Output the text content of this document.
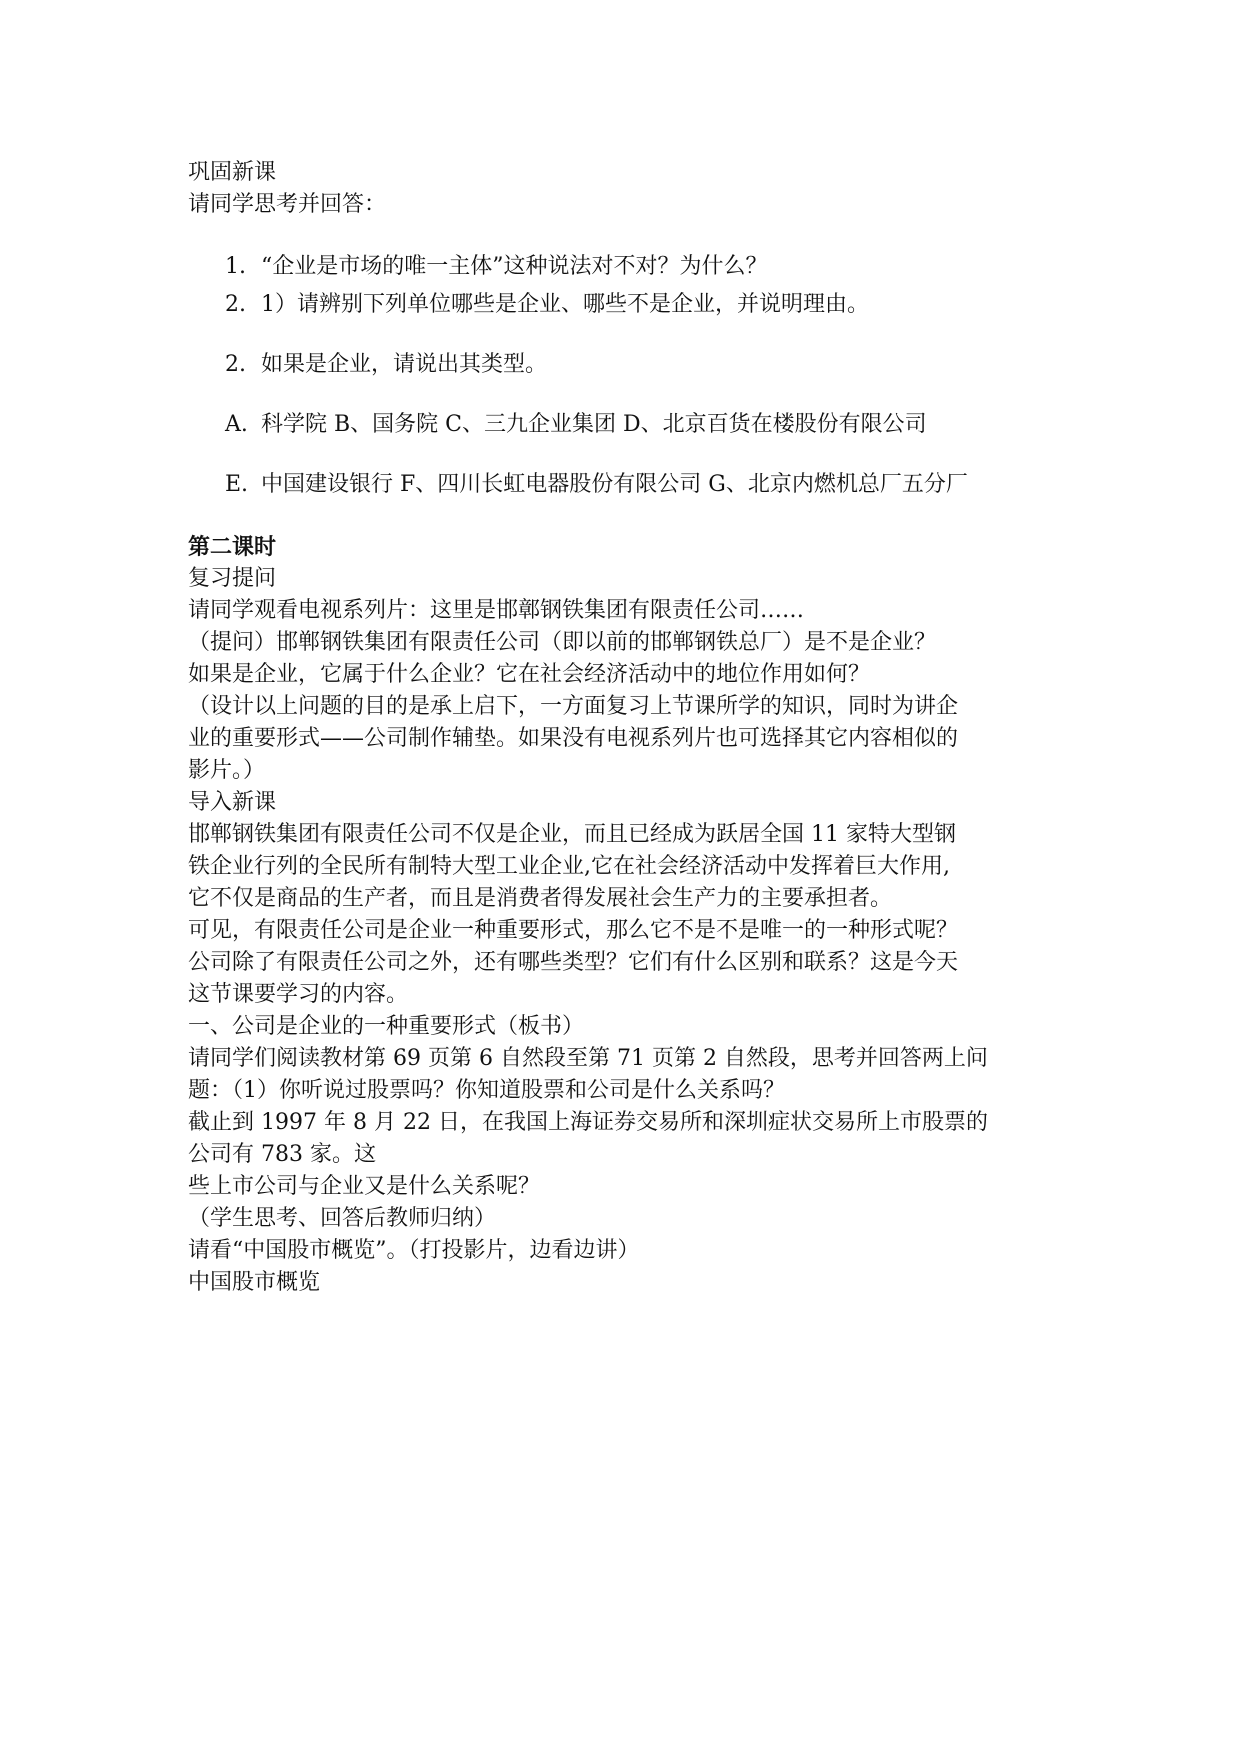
巩固新课
请同学思考并回答：
1. “企业是市场的唯一主体”这种说法对不对？为什么？
2. 1）请辨别下列单位哪些是企业、哪些不是企业，并说明理由。
2. 如果是企业，请说出其类型。
A. 科学院 B、国务院 C、三九企业集团 D、北京百货在楼股份有限公司
E. 中国建设银行 F、四川长虹电器股份有限公司 G、北京内燃机总厂五分厂
第二课时
复习提问
请同学观看电视系列片：这里是邯鄣钢铁集团有限责任公司……
（提问）邯郸钢铁集团有限责任公司（即以前的邯郸钢铁总厂）是不是企业？
如果是企业，它属于什么企业？它在社会经济活动中的地位作用如何？
（设计以上问题的目的是承上启下，一方面复习上节课所学的知识，同时为讲企
业的重要形式——公司制作辅垫。如果没有电视系列片也可选择其它内容相似的
影片。）
导入新课
邯郸钢铁集团有限责任公司不仅是企业，而且已经成为跃居全国 11 家特大型钢
铁企业行列的全民所有制特大型工业企业,它在社会经济活动中发挥着巨大作用,
它不仅是商品的生产者，而且是消费者得发展社会生产力的主要承担者。
可见，有限责任公司是企业一种重要形式，那么它不是不是唯一的一种形式呢？
公司除了有限责任公司之外，还有哪些类型？它们有什么区别和联系？这是今天
这节课要学习的内容。
一、公司是企业的一种重要形式（板书）
请同学们阅读教材第 69 页第 6 自然段至第 71 页第 2 自然段，思考并回答两上问
题：（1）你听说过股票吗？你知道股票和公司是什么关系吗？
截止到 1997 年 8 月 22 日，在我国上海证券交易所和深圳症状交易所上市股票的
公司有 783 家。这
些上市公司与企业又是什么关系呢？
（学生思考、回答后教师归纳）
请看“中国股市概览”。（打投影片，边看边讲）
中国股市概览
